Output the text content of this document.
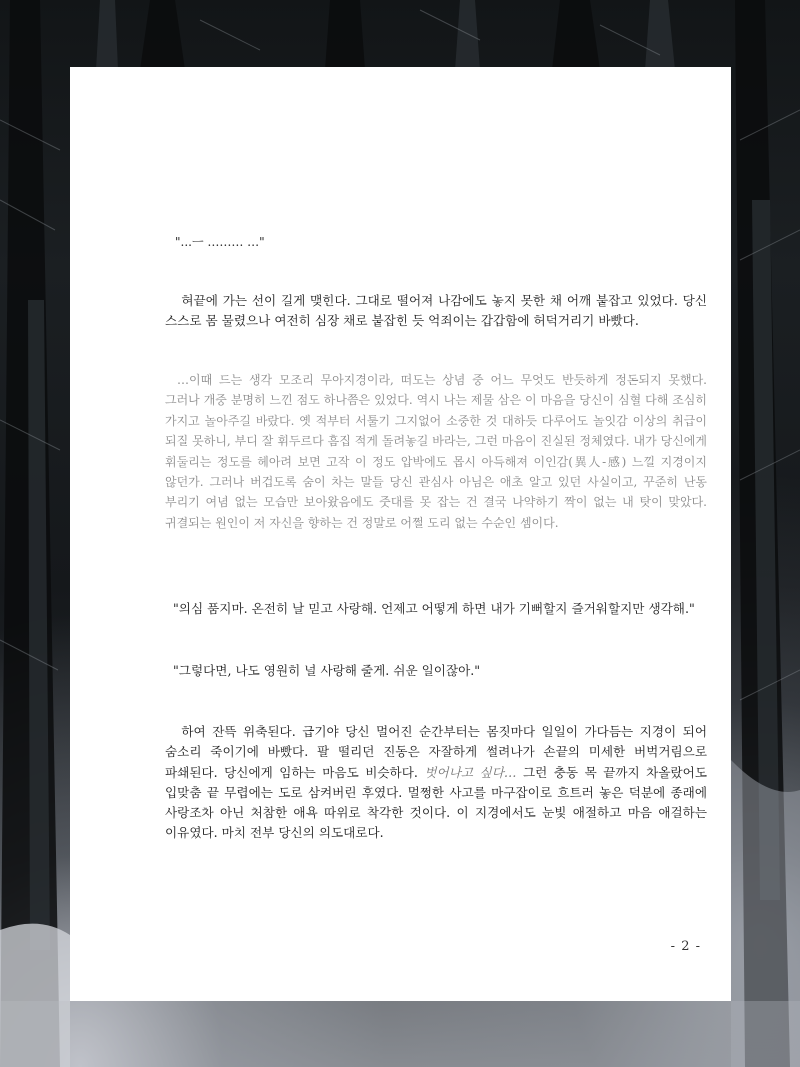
"...ㅡ ……… …"

혀끝에 가는 선이 길게 맺힌다. 그대로 떨어져 나감에도 놓지 못한 채 어깨 붙잡고 있었다. 당신 스스로 몸 물렸으나 여전히 심장 채로 붙잡힌 듯 억죄이는 갑갑함에 허덕거리기 바빴다.

…이때 드는 생각 모조리 무아지경이라, 떠도는 상념 중 어느 무엇도 반듯하게 정돈되지 못했다. 그러나 개중 분명히 느낀 점도 하나쯤은 있었다. 역시 나는 제물 삼은 이 마음을 당신이 심혈 다해 조심히 가지고 놀아주길 바랐다. 옛 적부터 서툴기 그지없어 소중한 것 대하듯 다루어도 놀잇감 이상의 취급이 되질 못하니, 부디 잘 휘두르다 흠집 적게 돌려놓길 바라는, 그런 마음이 진실된 정체였다. 내가 당신에게 휘둘리는 정도를 헤아려 보면 고작 이 정도 압박에도 몹시 아득해져 이인감(異人-感) 느낄 지경이지 않던가. 그러나 버겁도록 숨이 차는 말들 당신 관심사 아님은 애초 알고 있던 사실이고, 꾸준히 난동 부리기 여념 없는 모습만 보아왔음에도 줏대를 못 잡는 건 결국 나약하기 짝이 없는 내 탓이 맞았다. 귀결되는 원인이 저 자신을 향하는 건 정말로 어쩔 도리 없는 수순인 셈이다.

"의심 품지마. 온전히 날 믿고 사랑해. 언제고 어떻게 하면 내가 기뻐할지 즐거워할지만 생각해."

"그렇다면, 나도 영원히 널 사랑해 줄게. 쉬운 일이잖아."

하여 잔뜩 위축된다. 급기야 당신 멀어진 순간부터는 몸짓마다 일일이 가다듬는 지경이 되어 숨소리 죽이기에 바빴다. 팔 떨리던 진동은 자잘하게 썰려나가 손끝의 미세한 버벅거림으로 파쇄된다. 당신에게 임하는 마음도 비슷하다. 벗어나고 싶다… 그런 충동 목 끝까지 차올랐어도 입맞춤 끝 무렵에는 도로 삼켜버린 후였다. 멀쩡한 사고를 마구잡이로 흐트러 놓은 덕분에 종래에 사랑조차 아닌 처참한 애욕 따위로 착각한 것이다. 이 지경에서도 눈빛 애절하고 마음 애걸하는 이유였다. 마치 전부 당신의 의도대로다.

- 2 -
